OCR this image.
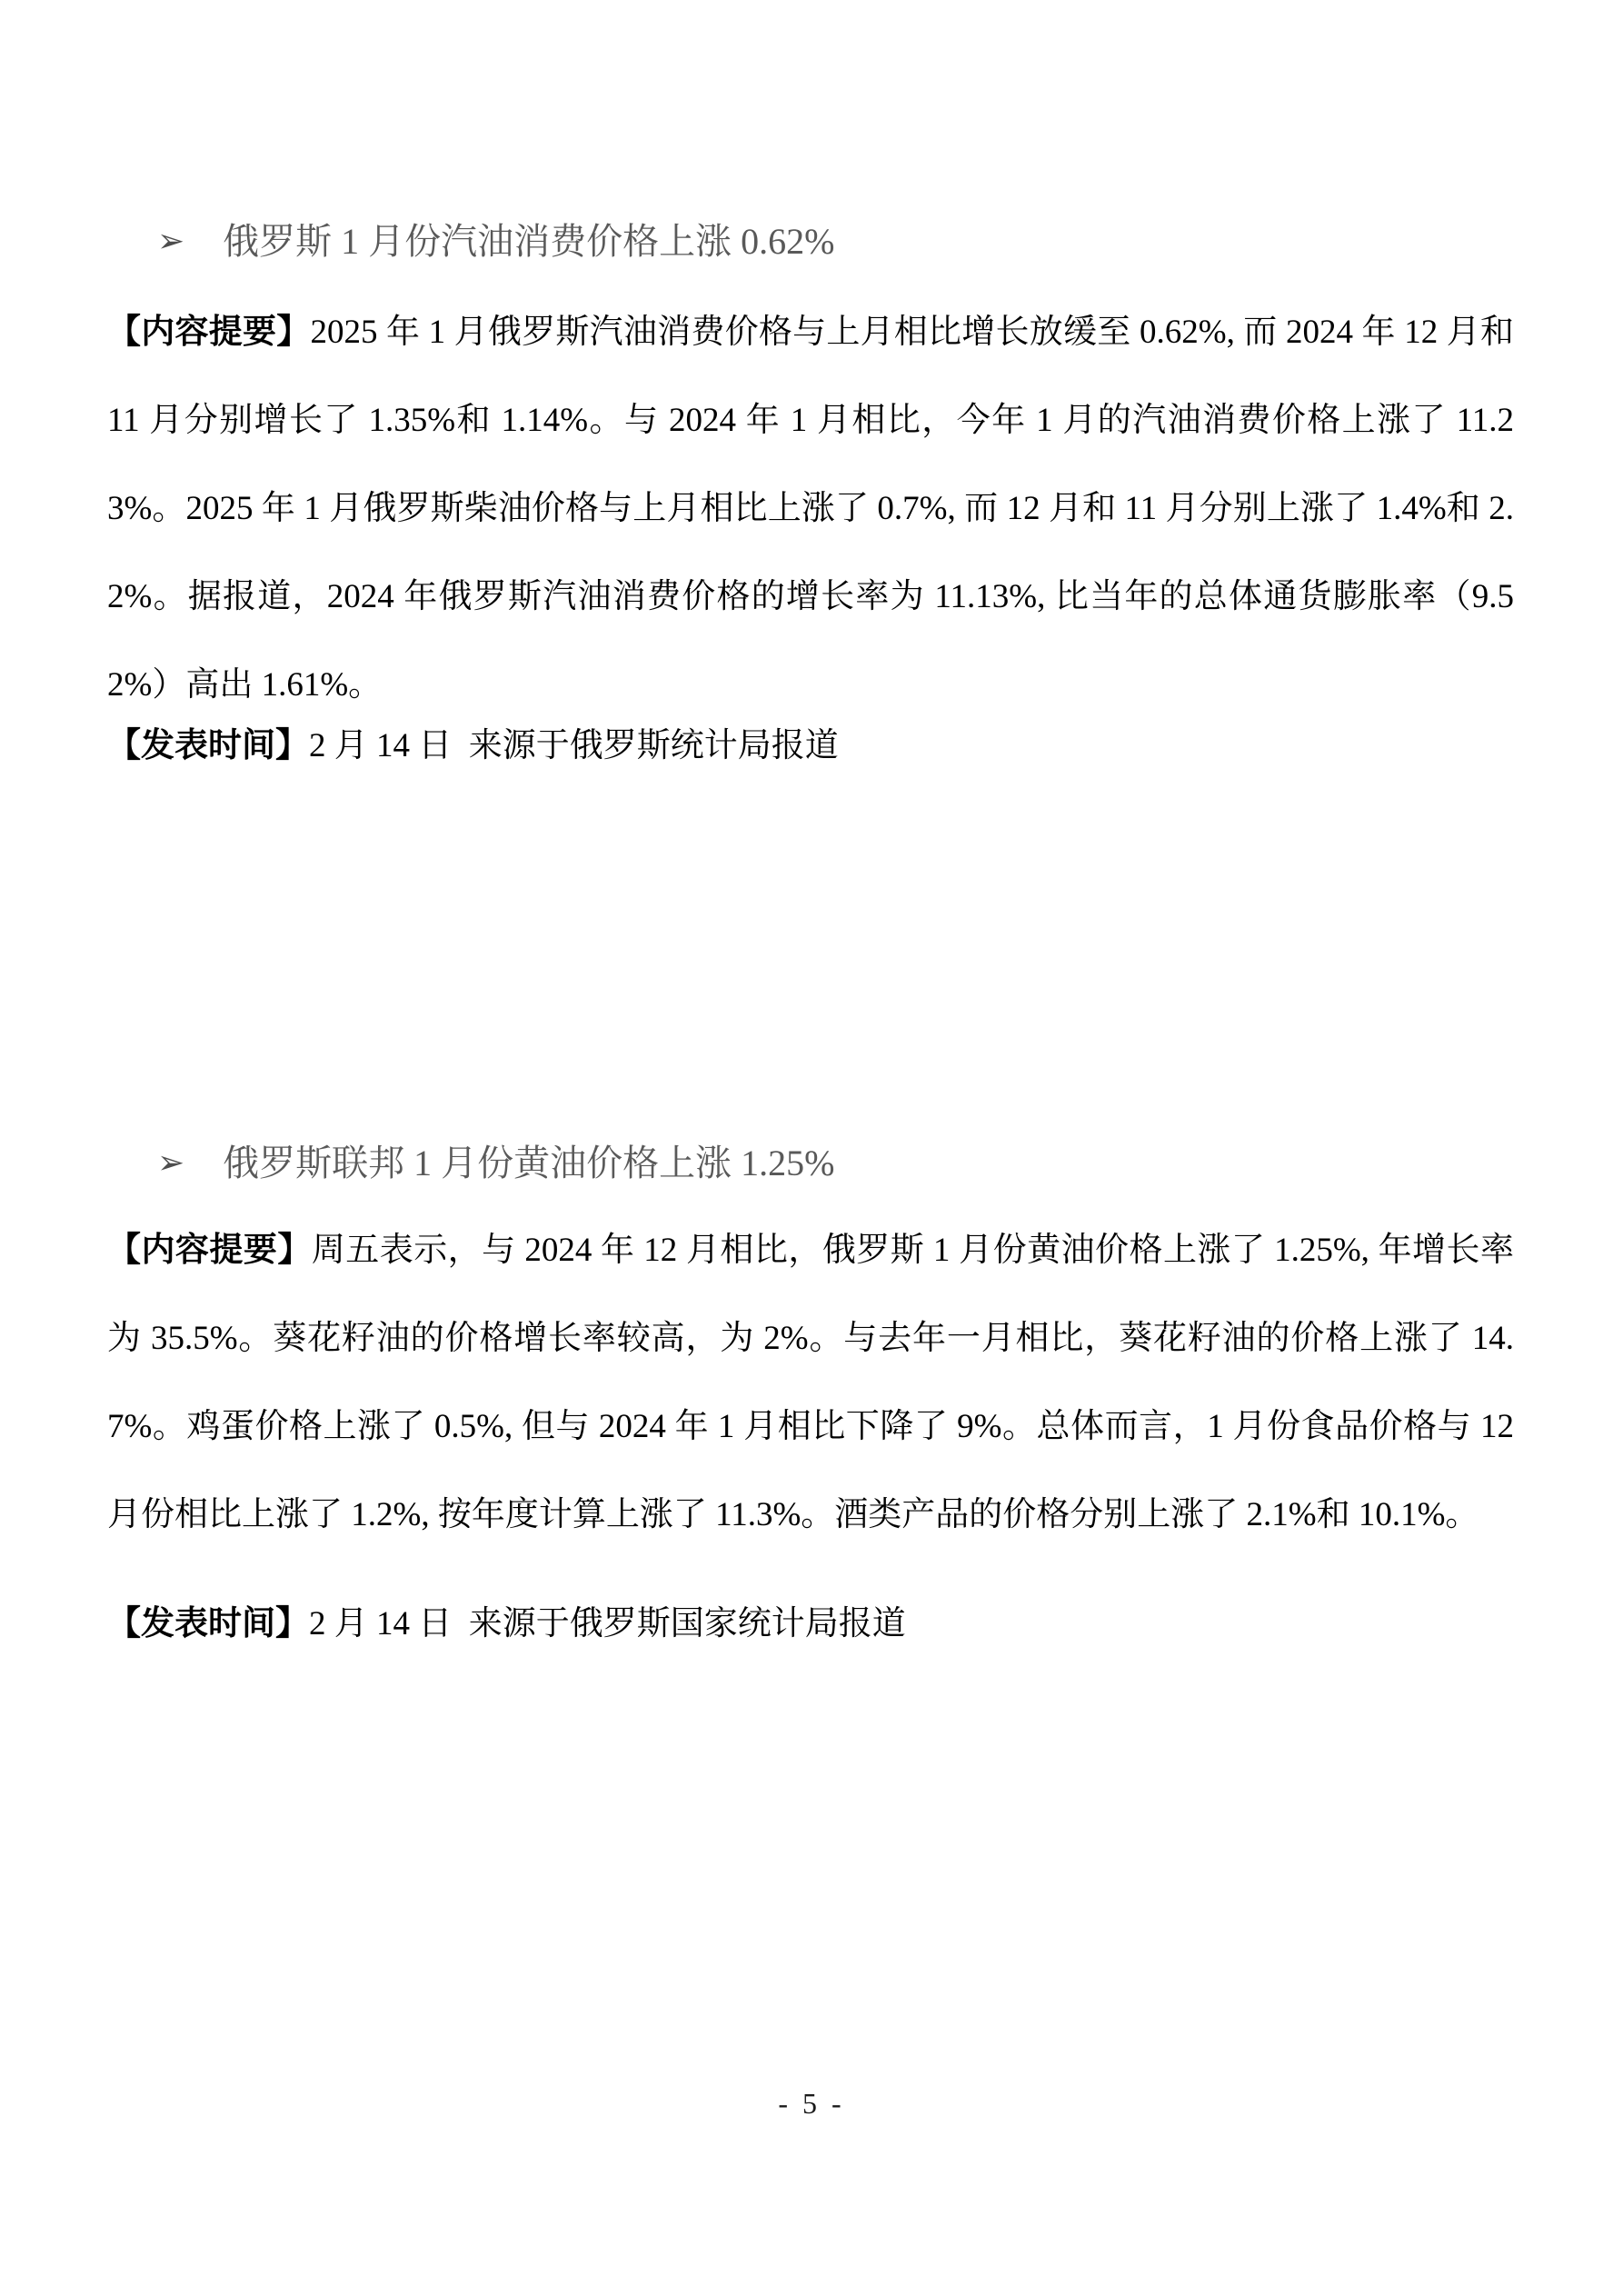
➢ 俄罗斯 1 月份汽油消费价格上涨 0.62%

【内容提要】2025 年 1 月俄罗斯汽油消费价格与上月相比增长放缓至 0.62%, 而 2024 年 12 月和 11 月分别增长了 1.35%和 1.14%。与 2024 年 1 月相比，今年 1 月的汽油消费价格上涨了 11.23%。2025 年 1 月俄罗斯柴油价格与上月相比上涨了 0.7%, 而 12 月和 11 月分别上涨了 1.4%和 2.2%。据报道，2024 年俄罗斯汽油消费价格的增长率为 11.13%, 比当年的总体通货膨胀率（9.52%）高出 1.61%。

【发表时间】2 月 14 日  来源于俄罗斯统计局报道

➢ 俄罗斯联邦 1 月份黄油价格上涨 1.25%

【内容提要】周五表示，与 2024 年 12 月相比，俄罗斯 1 月份黄油价格上涨了 1.25%, 年增长率为 35.5%。葵花籽油的价格增长率较高，为 2%。与去年一月相比，葵花籽油的价格上涨了 14.7%。鸡蛋价格上涨了 0.5%, 但与 2024 年 1 月相比下降了 9%。总体而言，1 月份食品价格与 12 月份相比上涨了 1.2%, 按年度计算上涨了 11.3%。酒类产品的价格分别上涨了 2.1%和 10.1%。

【发表时间】2 月 14 日  来源于俄罗斯国家统计局报道

- 5 -
